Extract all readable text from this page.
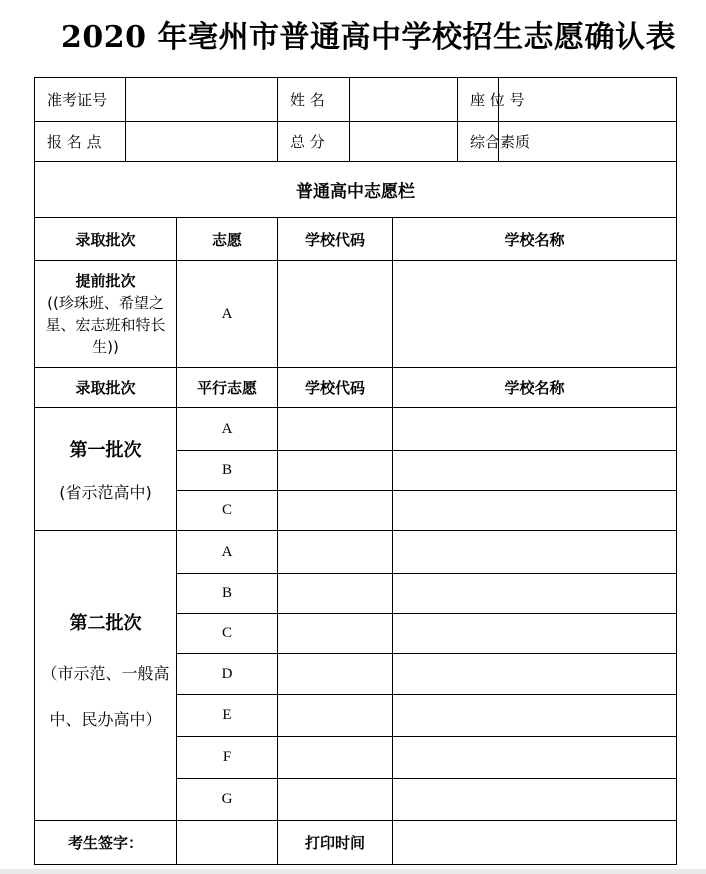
2020 年亳州市普通高中学校招生志愿确认表
准考证号			姓 名			座 位 号	
报 名 点			总 分			综合素质	
普通高中志愿栏							
录取批次		志愿	学校代码		学校名称		

提前批次
((珍珠班、希望之星、宏志班和特长生))		A					
录取批次		平行志愿	学校代码		学校名称		

第一批次
(省示范高中)		A					
		B					
		C					

第二批次
（市示范、一般高中、民办高中）		A					
		B					
		C					
		D					
		E					
		F					
		G					
考生签字：			打印时间				
